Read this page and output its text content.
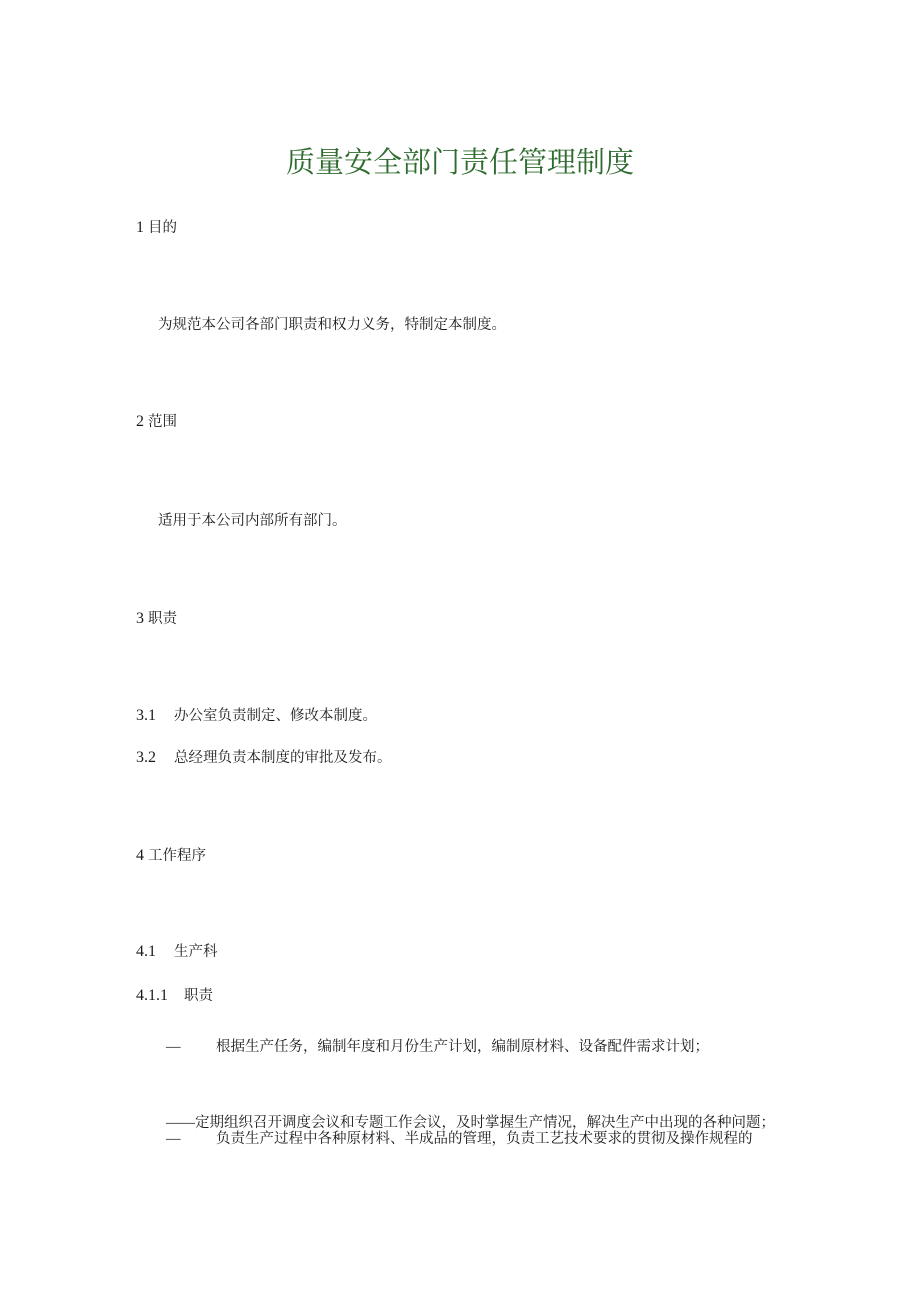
质量安全部门责任管理制度
1 目的
为规范本公司各部门职责和权力义务，特制定本制度。
2 范围
适用于本公司内部所有部门。
3 职责
3.1 办公室负责制定、修改本制度。
3.2 总经理负责本制度的审批及发布。
4 工作程序
4.1 生产科
4.1.1 职责
— 根据生产任务，编制年度和月份生产计划，编制原材料、设备配件需求计划；
——定期组织召开调度会议和专题工作会议，及时掌握生产情况，解决生产中出现的各种问题；
— 负责生产过程中各种原材料、半成品的管理，负责工艺技术要求的贯彻及操作规程的
